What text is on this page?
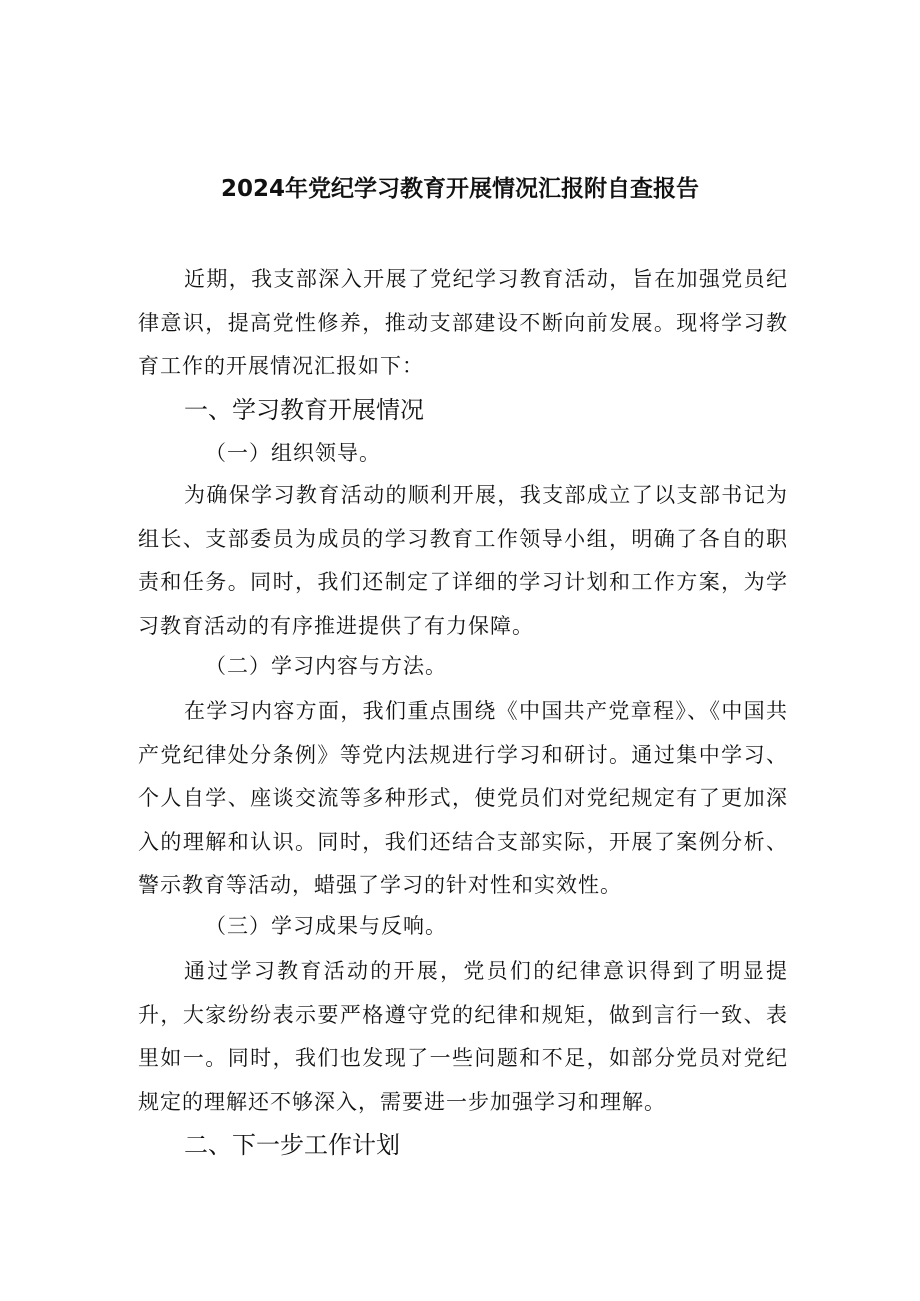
2024年党纪学习教育开展情况汇报附自查报告
近期，我支部深入开展了党纪学习教育活动，旨在加强党员纪律意识，提高党性修养，推动支部建设不断向前发展。现将学习教育工作的开展情况汇报如下：
一、学习教育开展情况
（一）组织领导。
为确保学习教育活动的顺利开展，我支部成立了以支部书记为组长、支部委员为成员的学习教育工作领导小组，明确了各自的职责和任务。同时，我们还制定了详细的学习计划和工作方案，为学习教育活动的有序推进提供了有力保障。
（二）学习内容与方法。
在学习内容方面，我们重点围绕《中国共产党章程》、《中国共产党纪律处分条例》等党内法规进行学习和研讨。通过集中学习、个人自学、座谈交流等多种形式，使党员们对党纪规定有了更加深入的理解和认识。同时，我们还结合支部实际，开展了案例分析、警示教育等活动，蜡强了学习的针对性和实效性。
（三）学习成果与反响。
通过学习教育活动的开展，党员们的纪律意识得到了明显提升，大家纷纷表示要严格遵守党的纪律和规矩，做到言行一致、表里如一。同时，我们也发现了一些问题和不足，如部分党员对党纪规定的理解还不够深入，需要进一步加强学习和理解。
二、下一步工作计划
